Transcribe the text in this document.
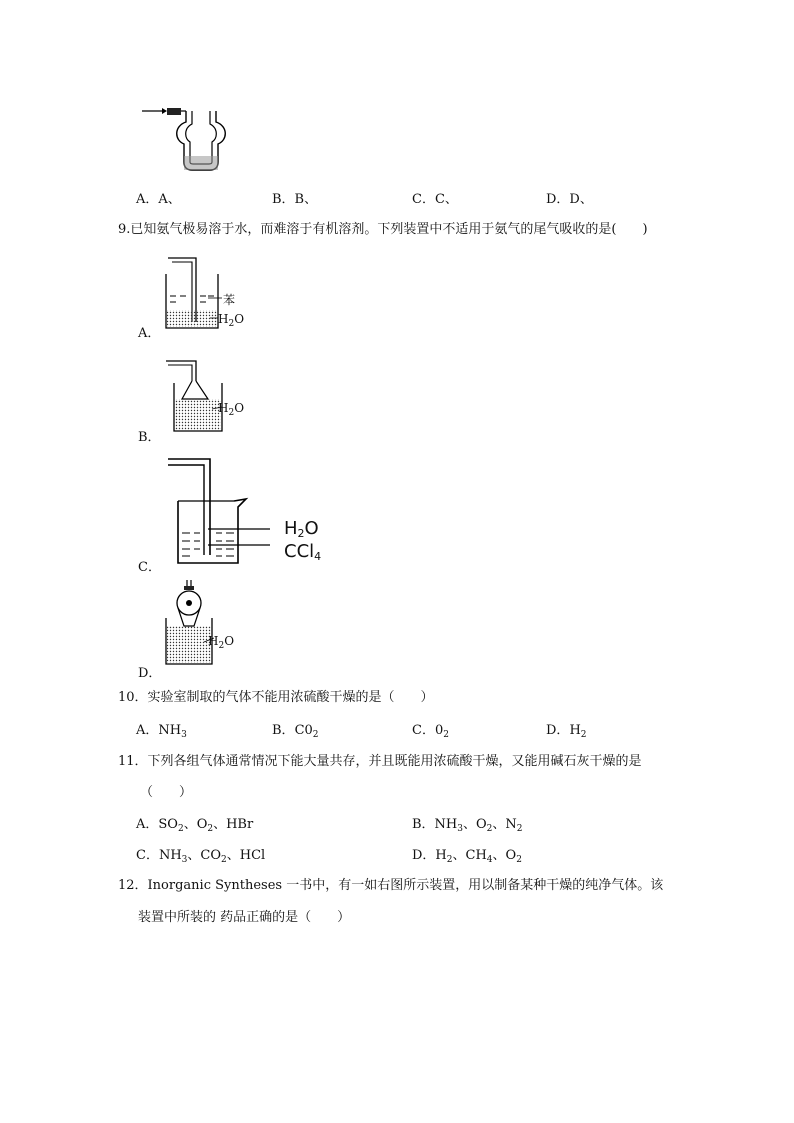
A．A、	B．B、	C．C、	D．D、
9.已知氨气极易溶于水，而难溶于有机溶剂。下列装置中不适用于氨气的尾气吸收的是(　　)
苯
$H_2O$
A．
$H_2O$
B．
$H_2O$
CCl$_4$
C．
$H_2O$
D．
10．实验室制取的气体不能用浓硫酸干燥的是（　　）
A．$NH_3$	B．$C0_2$	C．$0_2$	D．$H_2$
11．下列各组气体通常情况下能大量共存，并且既能用浓硫酸干燥，又能用碱石灰干燥的是
（　　）
A．$SO_2$、$O_2$、HBr	B．$NH_3$、$O_2$、$N_2$
C．$NH_3$、$CO_2$、HCl	D．$H_2$、$CH_4$、$O_2$
12．Inorganic Syntheses 一书中，有一如右图所示装置，用以制备某种干燥的纯净气体。该
装置中所装的 药品正确的是（　　）
